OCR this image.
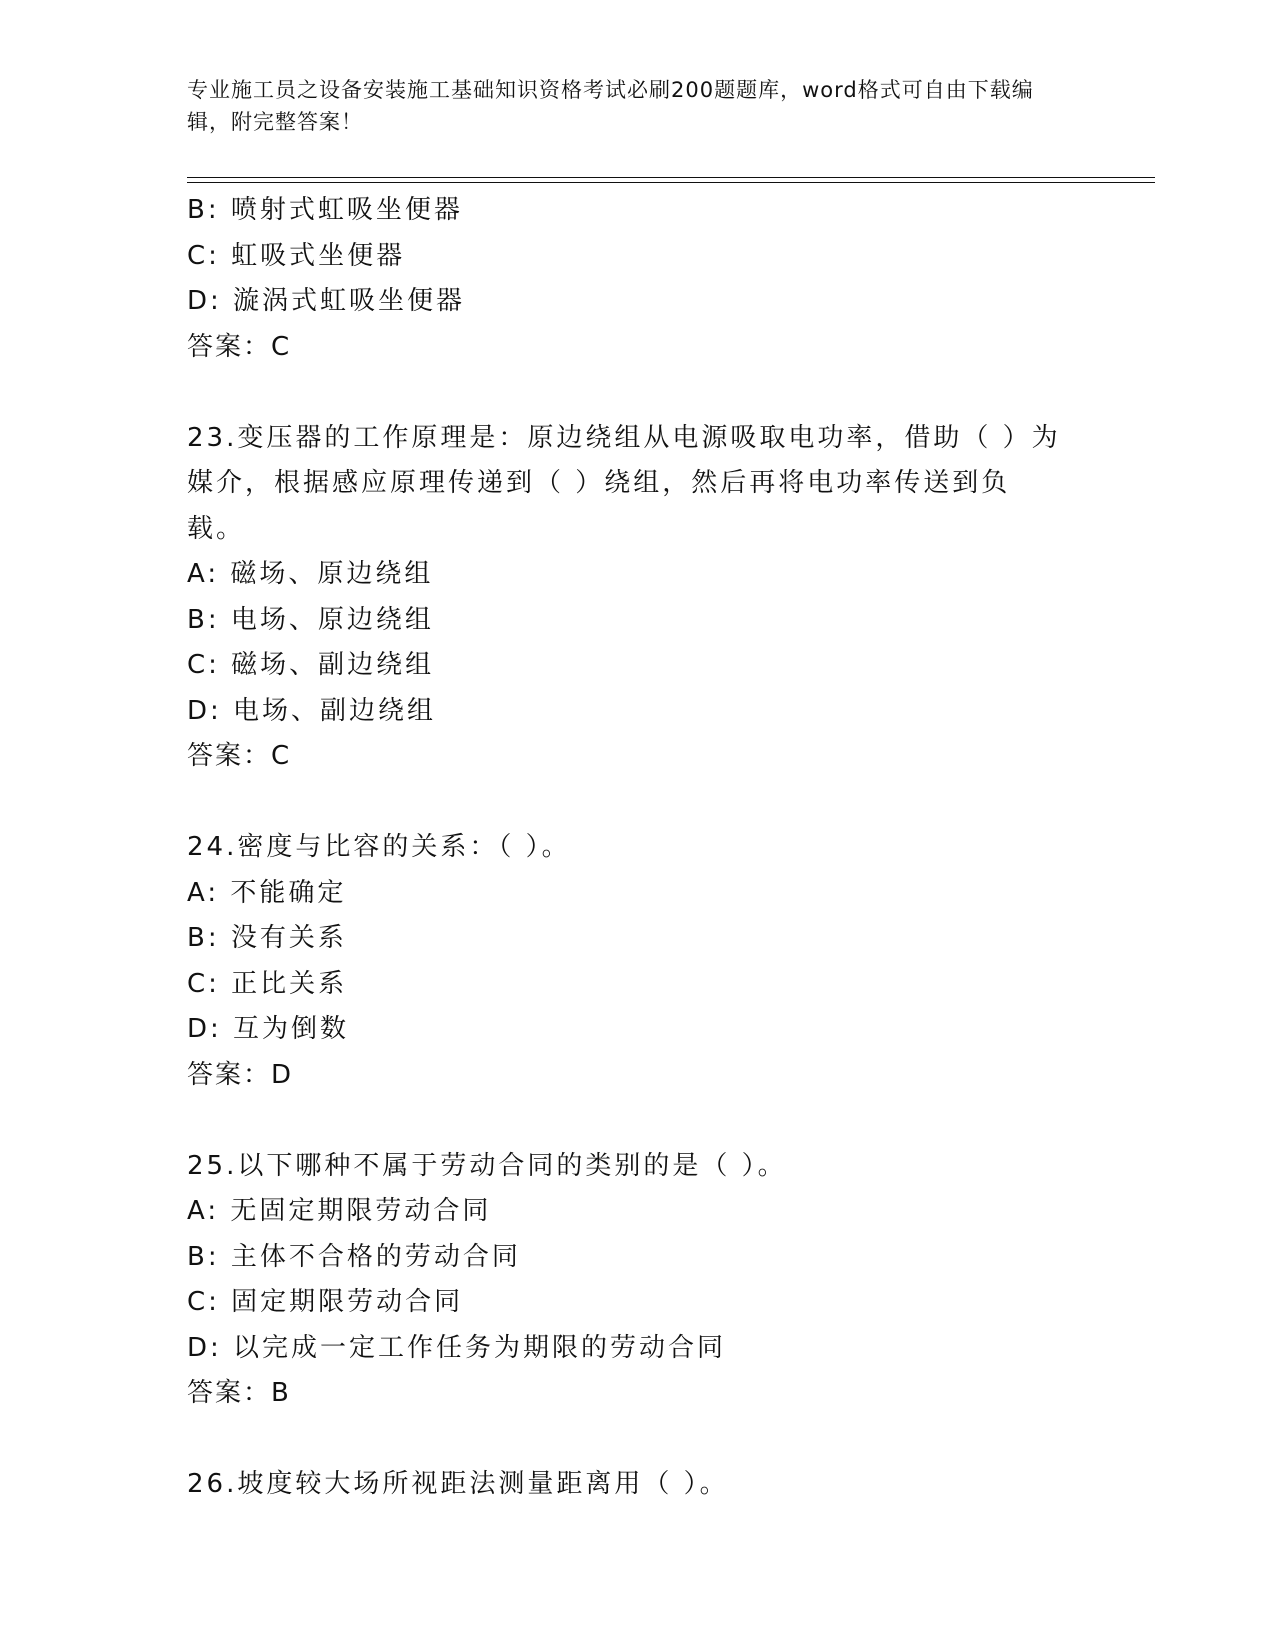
专业施工员之设备安装施工基础知识资格考试必刷200题题库，word格式可自由下载编辑，附完整答案！
B: 喷射式虹吸坐便器
C: 虹吸式坐便器
D: 漩涡式虹吸坐便器
答案：C
23.变压器的工作原理是：原边绕组从电源吸取电功率，借助（ ）为媒介，根据感应原理传递到（ ）绕组，然后再将电功率传送到负载。
A: 磁场、原边绕组
B: 电场、原边绕组
C: 磁场、副边绕组
D: 电场、副边绕组
答案：C
24.密度与比容的关系：（ ）。
A: 不能确定
B: 没有关系
C: 正比关系
D: 互为倒数
答案：D
25.以下哪种不属于劳动合同的类别的是（ ）。
A: 无固定期限劳动合同
B: 主体不合格的劳动合同
C: 固定期限劳动合同
D: 以完成一定工作任务为期限的劳动合同
答案：B
26.坡度较大场所视距法测量距离用（ ）。
